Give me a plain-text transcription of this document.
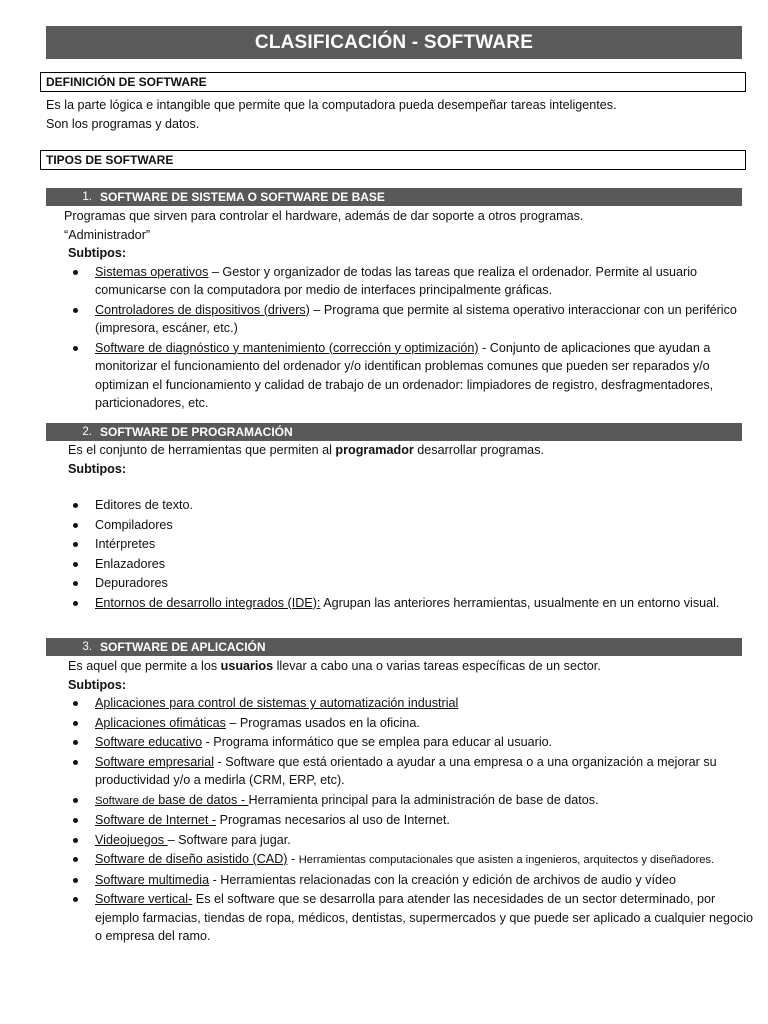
CLASIFICACIÓN - SOFTWARE
DEFINICIÓN DE SOFTWARE
Es la parte lógica e intangible que permite que la computadora pueda desempeñar tareas inteligentes.
Son los programas y datos.
TIPOS DE SOFTWARE
1. SOFTWARE DE SISTEMA O SOFTWARE DE BASE
Programas que sirven para controlar el hardware, además de dar soporte a otros programas.
“Administrador”
Subtipos:
Sistemas operativos – Gestor y organizador de todas las tareas que realiza el ordenador. Permite al usuario comunicarse con la computadora por medio de interfaces principalmente gráficas.
Controladores de dispositivos (drivers) – Programa que permite al sistema operativo interaccionar con un periférico (impresora, escáner, etc.)
Software de diagnóstico y mantenimiento (corrección y optimización) - Conjunto de aplicaciones que ayudan a monitorizar el funcionamiento del ordenador y/o identifican problemas comunes que pueden ser reparados y/o optimizan el funcionamiento y calidad de trabajo de un ordenador: limpiadores de registro, desfragmentadores, particionadores, etc.
2. SOFTWARE DE PROGRAMACIÓN
Es el conjunto de herramientas que permiten al programador desarrollar programas.
Subtipos:
Editores de texto.
Compiladores
Intérpretes
Enlazadores
Depuradores
Entornos de desarrollo integrados (IDE): Agrupan las anteriores herramientas, usualmente en un entorno visual.
3. SOFTWARE DE APLICACIÓN
Es aquel que permite a los usuarios llevar a cabo una o varias tareas específicas de un sector.
Subtipos:
Aplicaciones para control de sistemas y automatización industrial
Aplicaciones ofimáticas – Programas usados en la oficina.
Software educativo - Programa informático que se emplea para educar al usuario.
Software empresarial - Software que está orientado a ayudar a una empresa o a una organización a mejorar su productividad y/o a medirla (CRM, ERP, etc).
Software de base de datos - Herramienta principal para la administración de base de datos.
Software de Internet - Programas necesarios al uso de Internet.
Videojuegos – Software para jugar.
Software de diseño asistido (CAD) - Herramientas computacionales que asisten a ingenieros, arquitectos y diseñadores.
Software multimedia - Herramientas relacionadas con la creación y edición de archivos de audio y vídeo
Software vertical- Es el software que se desarrolla para atender las necesidades de un sector determinado, por ejemplo farmacias, tiendas de ropa, médicos, dentistas, supermercados y que puede ser aplicado a cualquier negocio o empresa del ramo.
